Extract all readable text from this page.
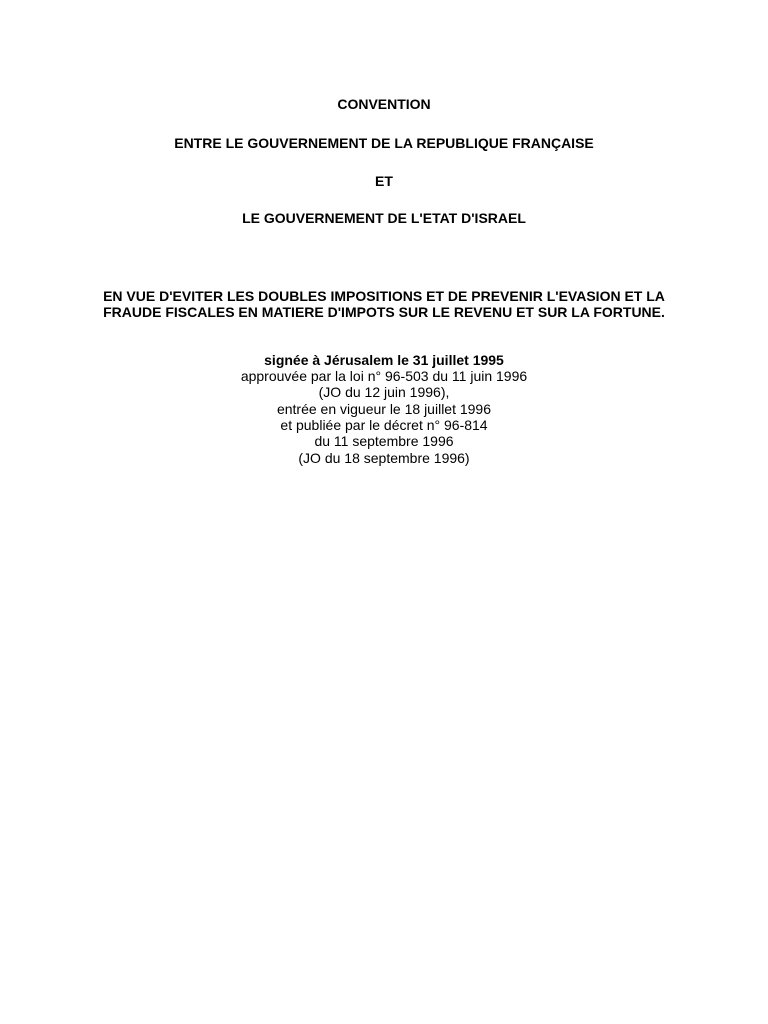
CONVENTION
ENTRE LE GOUVERNEMENT DE LA REPUBLIQUE FRANÇAISE
ET
LE GOUVERNEMENT DE L'ETAT D'ISRAEL
EN VUE D'EVITER LES DOUBLES IMPOSITIONS ET DE PREVENIR L'EVASION ET LA
FRAUDE FISCALES EN MATIERE D'IMPOTS SUR LE REVENU ET SUR LA FORTUNE.
signée à Jérusalem le 31 juillet 1995
approuvée par la loi n° 96-503 du 11 juin 1996
(JO du 12 juin 1996),
entrée en vigueur le 18 juillet 1996
et publiée par le décret n° 96-814
du 11 septembre 1996
(JO du 18 septembre 1996)
